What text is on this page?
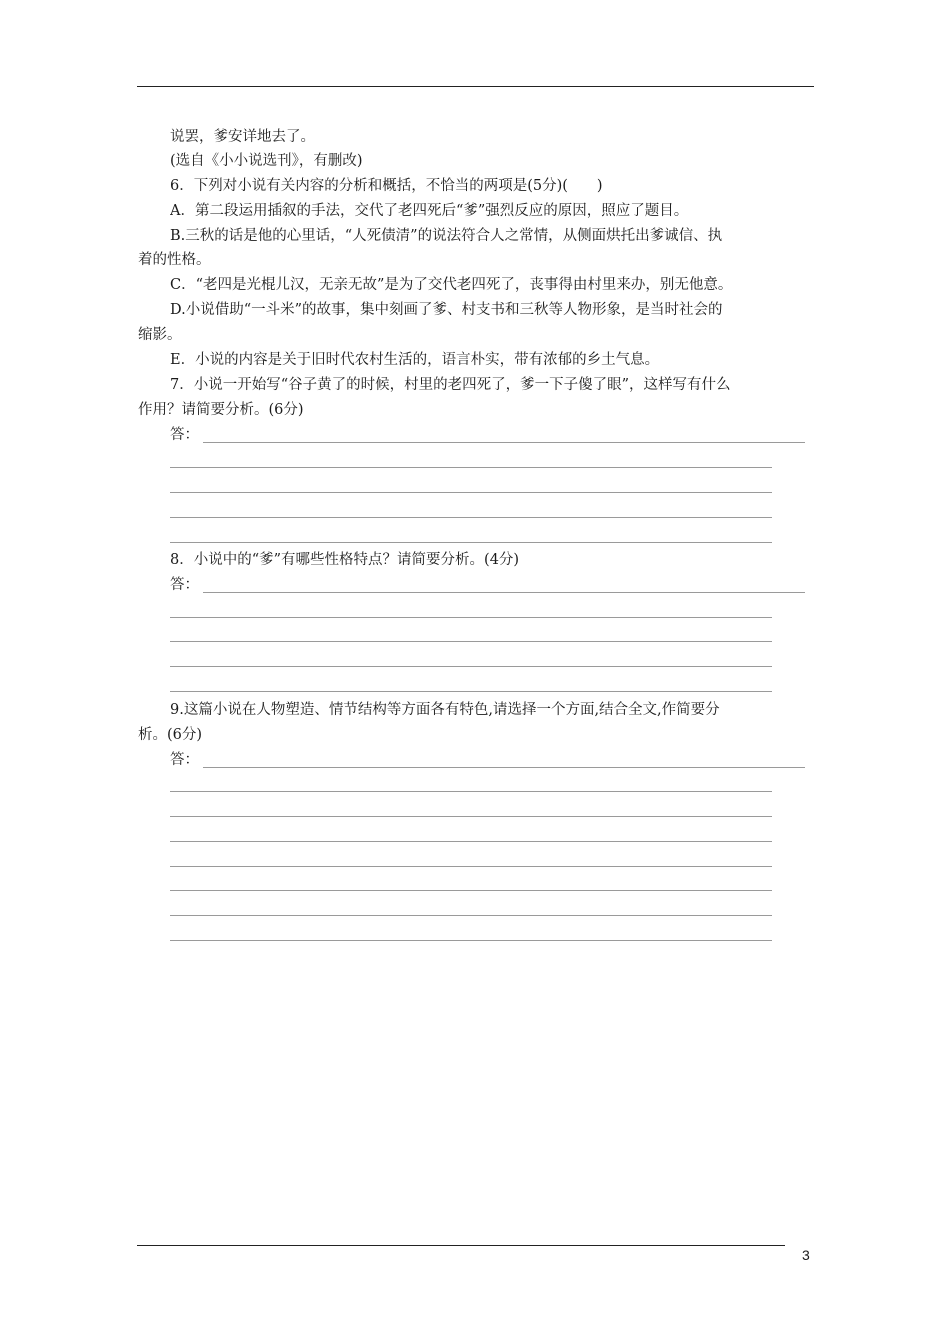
说罢，爹安详地去了。
(选自《小小说选刊》，有删改)
6．下列对小说有关内容的分析和概括，不恰当的两项是(5分)(　　)
A．第二段运用插叙的手法，交代了老四死后“爹”强烈反应的原因，照应了题目。
B.三秋的话是他的心里话，“人死债清”的说法符合人之常情，从侧面烘托出爹诚信、执
着的性格。
C．“老四是光棍儿汉，无亲无故”是为了交代老四死了，丧事得由村里来办，别无他意。
D.小说借助“一斗米”的故事，集中刻画了爹、村支书和三秋等人物形象，是当时社会的
缩影。
E．小说的内容是关于旧时代农村生活的，语言朴实，带有浓郁的乡土气息。
7．小说一开始写“谷子黄了的时候，村里的老四死了，爹一下子傻了眼”，这样写有什么
作用？请简要分析。(6分)
答：
8．小说中的“爹”有哪些性格特点？请简要分析。(4分)
答：
9.这篇小说在人物塑造、情节结构等方面各有特色,请选择一个方面,结合全文,作简要分
析。(6分)
答：
3
